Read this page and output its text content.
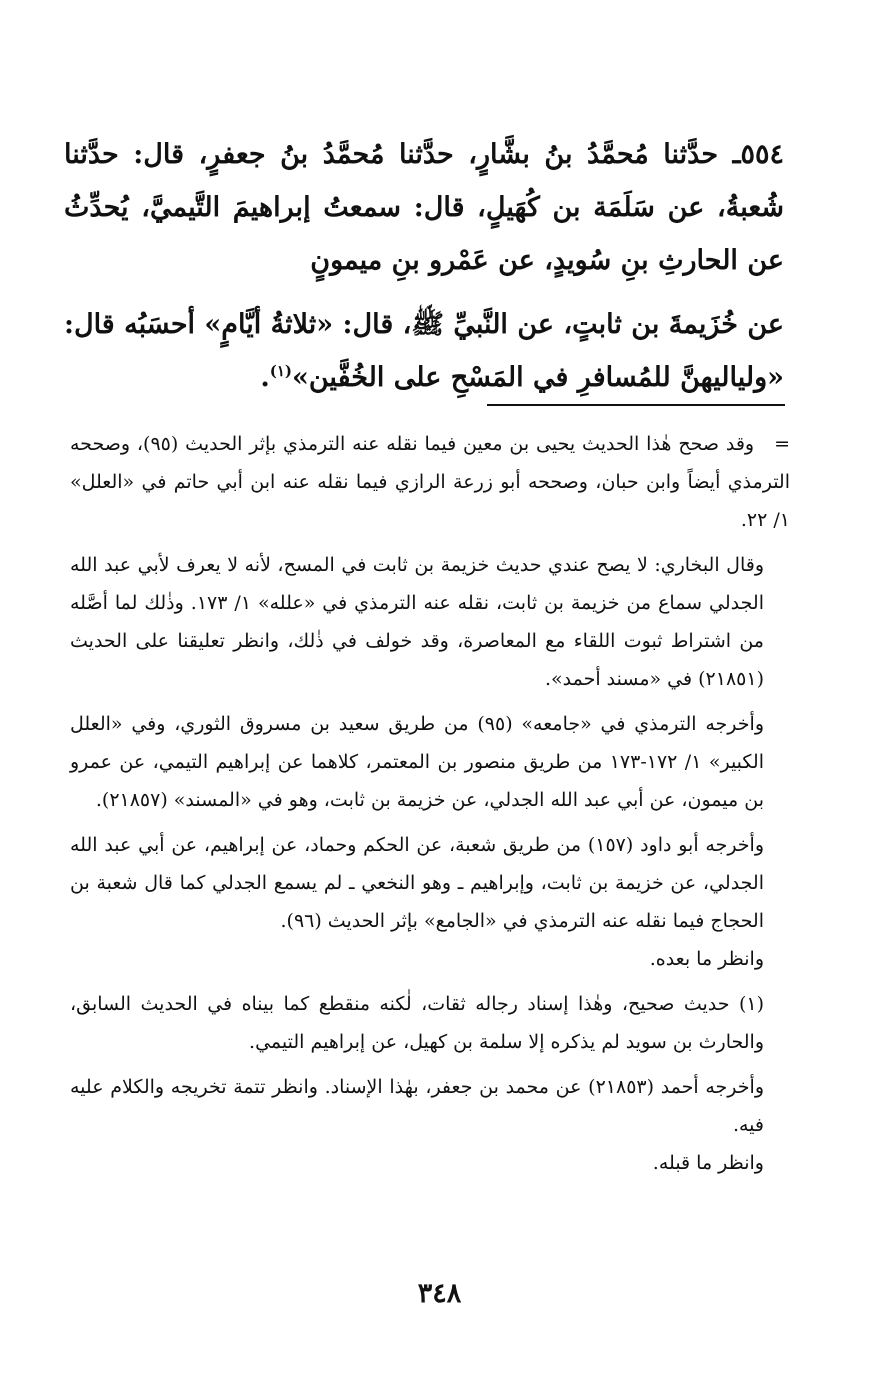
٥٥٤ـ حدَّثنا مُحمَّدُ بنُ بشَّارٍ، حدَّثنا مُحمَّدُ بنُ جعفرٍ، قال: حدَّثنا شُعبةُ، عن سَلَمَة بن كُهَيلٍ، قال: سمعتُ إبراهيمَ التَّيميَّ، يُحدِّثُ عن الحارثِ بنِ سُويدٍ، عن عَمْرو بنِ ميمونٍ
عن خُزَيمةَ بن ثابتٍ، عن النَّبيِّ ﷺ، قال: «ثلاثةُ أيَّامٍ» أحسَبُه قال: «ولياليهنَّ للمُسافرِ في المَسْحِ على الخُفَّين»$^{(١)}$.

=وقد صحح هٰذا الحديث يحيى بن معين فيما نقله عنه الترمذي بإثر الحديث (٩٥)، وصححه الترمذي أيضاً وابن حبان، وصححه أبو زرعة الرازي فيما نقله عنه ابن أبي حاتم في «العلل» ١/ ٢٢.

وقال البخاري: لا يصح عندي حديث خزيمة بن ثابت في المسح، لأنه لا يعرف لأبي عبد الله الجدلي سماع من خزيمة بن ثابت، نقله عنه الترمذي في «علله» ١/ ١٧٣. وذٰلك لما أصَّله من اشتراط ثبوت اللقاء مع المعاصرة، وقد خولف في ذٰلك، وانظر تعليقنا على الحديث (٢١٨٥١) في «مسند أحمد».

وأخرجه الترمذي في «جامعه» (٩٥) من طريق سعيد بن مسروق الثوري، وفي «العلل الكبير» ١/ ١٧٢-١٧٣ من طريق منصور بن المعتمر، كلاهما عن إبراهيم التيمي، عن عمرو بن ميمون، عن أبي عبد الله الجدلي، عن خزيمة بن ثابت، وهو في «المسند» (٢١٨٥٧).

وأخرجه أبو داود (١٥٧) من طريق شعبة، عن الحكم وحماد، عن إبراهيم، عن أبي عبد الله الجدلي، عن خزيمة بن ثابت، وإبراهيم ـ وهو النخعي ـ لم يسمع الجدلي كما قال شعبة بن الحجاج فيما نقله عنه الترمذي في «الجامع» بإثر الحديث (٩٦).

وانظر ما بعده.

(١) حديث صحيح، وهٰذا إسناد رجاله ثقات، لٰكنه منقطع كما بيناه في الحديث السابق، والحارث بن سويد لم يذكره إلا سلمة بن كهيل، عن إبراهيم التيمي.

وأخرجه أحمد (٢١٨٥٣) عن محمد بن جعفر، بهٰذا الإسناد. وانظر تتمة تخريجه والكلام عليه فيه.

وانظر ما قبله.

٣٤٨
